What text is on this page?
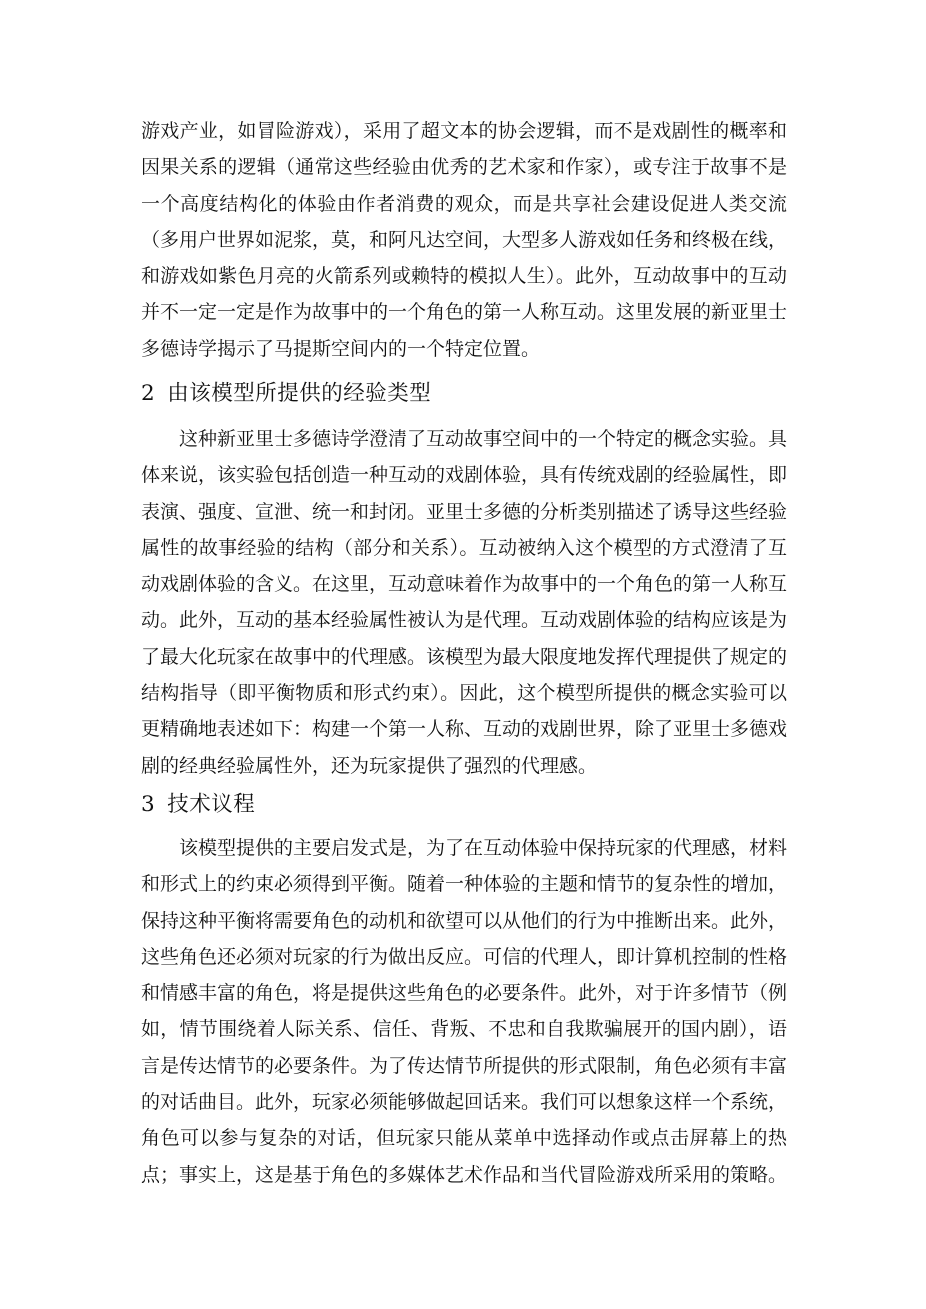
游戏产业，如冒险游戏），采用了超文本的协会逻辑，而不是戏剧性的概率和因果关系的逻辑（通常这些经验由优秀的艺术家和作家），或专注于故事不是一个高度结构化的体验由作者消费的观众，而是共享社会建设促进人类交流（多用户世界如泥浆，莫，和阿凡达空间，大型多人游戏如任务和终极在线，和游戏如紫色月亮的火箭系列或赖特的模拟人生）。此外，互动故事中的互动并不一定一定是作为故事中的一个角色的第一人称互动。这里发展的新亚里士多德诗学揭示了马提斯空间内的一个特定位置。

2 由该模型所提供的经验类型

这种新亚里士多德诗学澄清了互动故事空间中的一个特定的概念实验。具体来说，该实验包括创造一种互动的戏剧体验，具有传统戏剧的经验属性，即表演、强度、宣泄、统一和封闭。亚里士多德的分析类别描述了诱导这些经验属性的故事经验的结构（部分和关系）。互动被纳入这个模型的方式澄清了互动戏剧体验的含义。在这里，互动意味着作为故事中的一个角色的第一人称互动。此外，互动的基本经验属性被认为是代理。互动戏剧体验的结构应该是为了最大化玩家在故事中的代理感。该模型为最大限度地发挥代理提供了规定的结构指导（即平衡物质和形式约束）。因此，这个模型所提供的概念实验可以更精确地表述如下：构建一个第一人称、互动的戏剧世界，除了亚里士多德戏剧的经典经验属性外，还为玩家提供了强烈的代理感。

3 技术议程

该模型提供的主要启发式是，为了在互动体验中保持玩家的代理感，材料和形式上的约束必须得到平衡。随着一种体验的主题和情节的复杂性的增加，保持这种平衡将需要角色的动机和欲望可以从他们的行为中推断出来。此外，这些角色还必须对玩家的行为做出反应。可信的代理人，即计算机控制的性格和情感丰富的角色，将是提供这些角色的必要条件。此外，对于许多情节（例如，情节围绕着人际关系、信任、背叛、不忠和自我欺骗展开的国内剧），语言是传达情节的必要条件。为了传达情节所提供的形式限制，角色必须有丰富的对话曲目。此外，玩家必须能够做起回话来。我们可以想象这样一个系统，角色可以参与复杂的对话，但玩家只能从菜单中选择动作或点击屏幕上的热点；事实上，这是基于角色的多媒体艺术作品和当代冒险游戏所采用的策略。
